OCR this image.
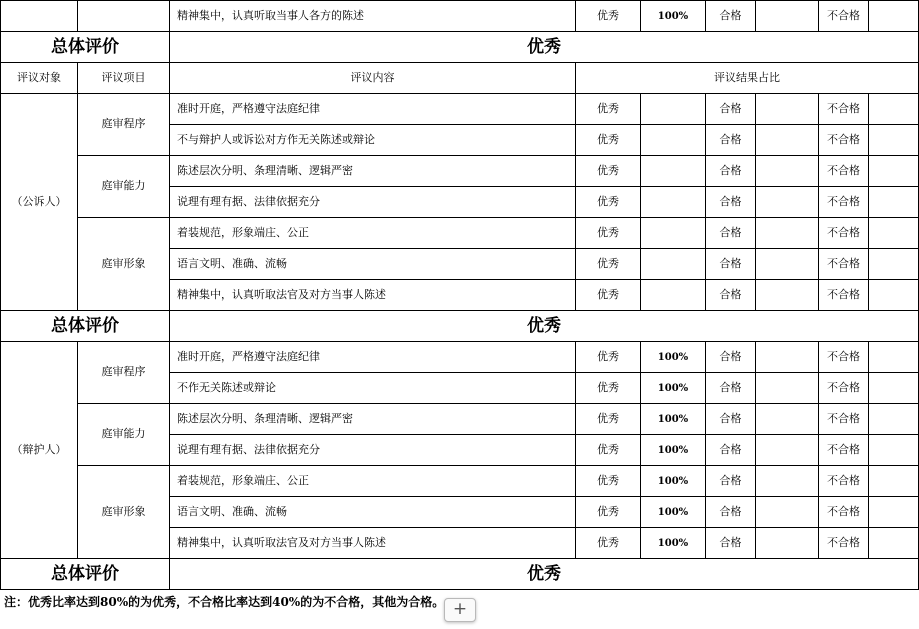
		精神集中，认真听取当事人各方的陈述	优秀	100%	合格		不合格	
总体评价		优秀						
评议对象	评议项目	评议内容	评议结果占比					
（公诉人）	庭审程序	准时开庭，严格遵守法庭纪律	优秀		合格		不合格	
		不与辩护人或诉讼对方作无关陈述或辩论	优秀		合格		不合格	
	庭审能力	陈述层次分明、条理清晰、逻辑严密	优秀		合格		不合格	
		说理有理有据、法律依据充分	优秀		合格		不合格	
	庭审形象	着装规范，形象端庄、公正	优秀		合格		不合格	
		语言文明、准确、流畅	优秀		合格		不合格	
		精神集中，认真听取法官及对方当事人陈述	优秀		合格		不合格	
总体评价		优秀						
（辩护人）	庭审程序	准时开庭，严格遵守法庭纪律	优秀	100%	合格		不合格	
		不作无关陈述或辩论	优秀	100%	合格		不合格	
	庭审能力	陈述层次分明、条理清晰、逻辑严密	优秀	100%	合格		不合格	
		说理有理有据、法律依据充分	优秀	100%	合格		不合格	
	庭审形象	着装规范，形象端庄、公正	优秀	100%	合格		不合格	
		语言文明、准确、流畅	优秀	100%	合格		不合格	
		精神集中，认真听取法官及对方当事人陈述	优秀	100%	合格		不合格	
总体评价		优秀						
注：优秀比率达到80%的为优秀，不合格比率达到40%的为不合格，其他为合格。 +
